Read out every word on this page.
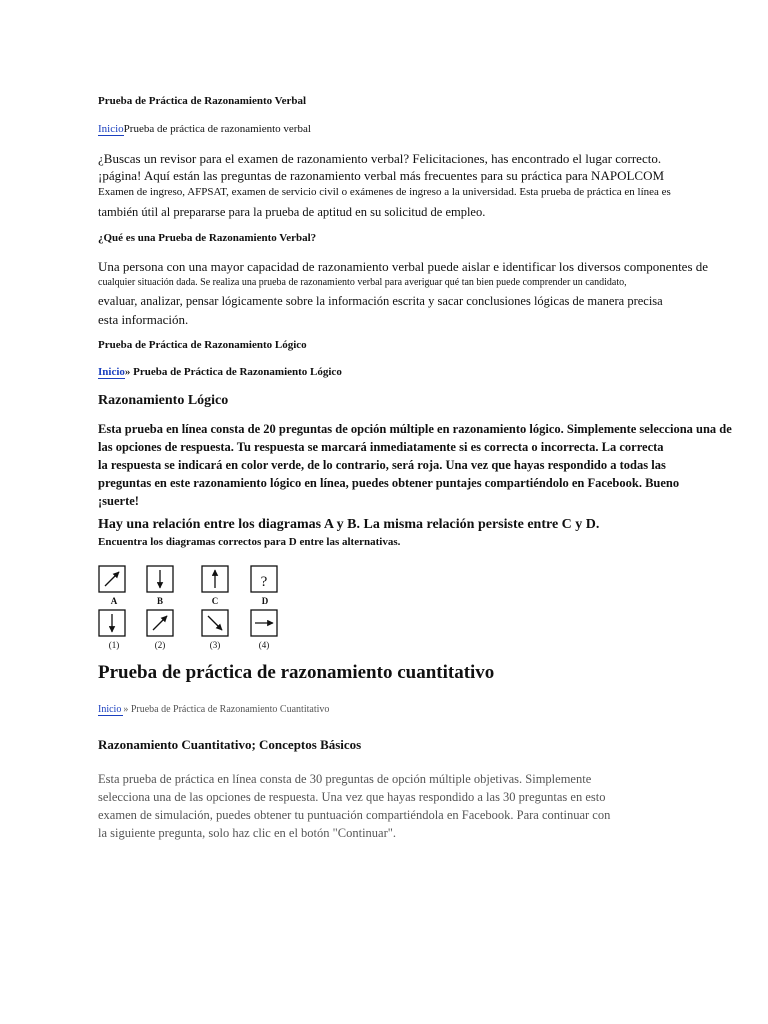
Prueba de Práctica de Razonamiento Verbal
InicioPrueba de práctica de razonamiento verbal
¿Buscas un revisor para el examen de razonamiento verbal? Felicitaciones, has encontrado el lugar correcto.
¡página! Aquí están las preguntas de razonamiento verbal más frecuentes para su práctica para NAPOLCOM
Examen de ingreso, AFPSAT, examen de servicio civil o exámenes de ingreso a la universidad. Esta prueba de práctica en línea es
también útil al prepararse para la prueba de aptitud en su solicitud de empleo.
¿Qué es una Prueba de Razonamiento Verbal?
Una persona con una mayor capacidad de razonamiento verbal puede aislar e identificar los diversos componentes de
cualquier situación dada. Se realiza una prueba de razonamiento verbal para averiguar qué tan bien puede comprender un candidato,
evaluar, analizar, pensar lógicamente sobre la información escrita y sacar conclusiones lógicas de manera precisa
esta información.
Prueba de Práctica de Razonamiento Lógico
Inicio» Prueba de Práctica de Razonamiento Lógico
Razonamiento Lógico
Esta prueba en línea consta de 20 preguntas de opción múltiple en razonamiento lógico. Simplemente selecciona una de
las opciones de respuesta. Tu respuesta se marcará inmediatamente si es correcta o incorrecta. La correcta
la respuesta se indicará en color verde, de lo contrario, será roja. Una vez que hayas respondido a todas las
preguntas en este razonamiento lógico en línea, puedes obtener puntajes compartiéndolo en Facebook. Bueno
¡suerte!
Hay una relación entre los diagramas A y B. La misma relación persiste entre C y D.
Encuentra los diagramas correctos para D entre las alternativas.
?
A	B	C	D
(1)	(2)	(3)	(4)
Prueba de práctica de razonamiento cuantitativo
Inicio » Prueba de Práctica de Razonamiento Cuantitativo
Razonamiento Cuantitativo; Conceptos Básicos
Esta prueba de práctica en línea consta de 30 preguntas de opción múltiple objetivas. Simplemente
selecciona una de las opciones de respuesta. Una vez que hayas respondido a las 30 preguntas en esto
examen de simulación, puedes obtener tu puntuación compartiéndola en Facebook. Para continuar con
la siguiente pregunta, solo haz clic en el botón "Continuar".
